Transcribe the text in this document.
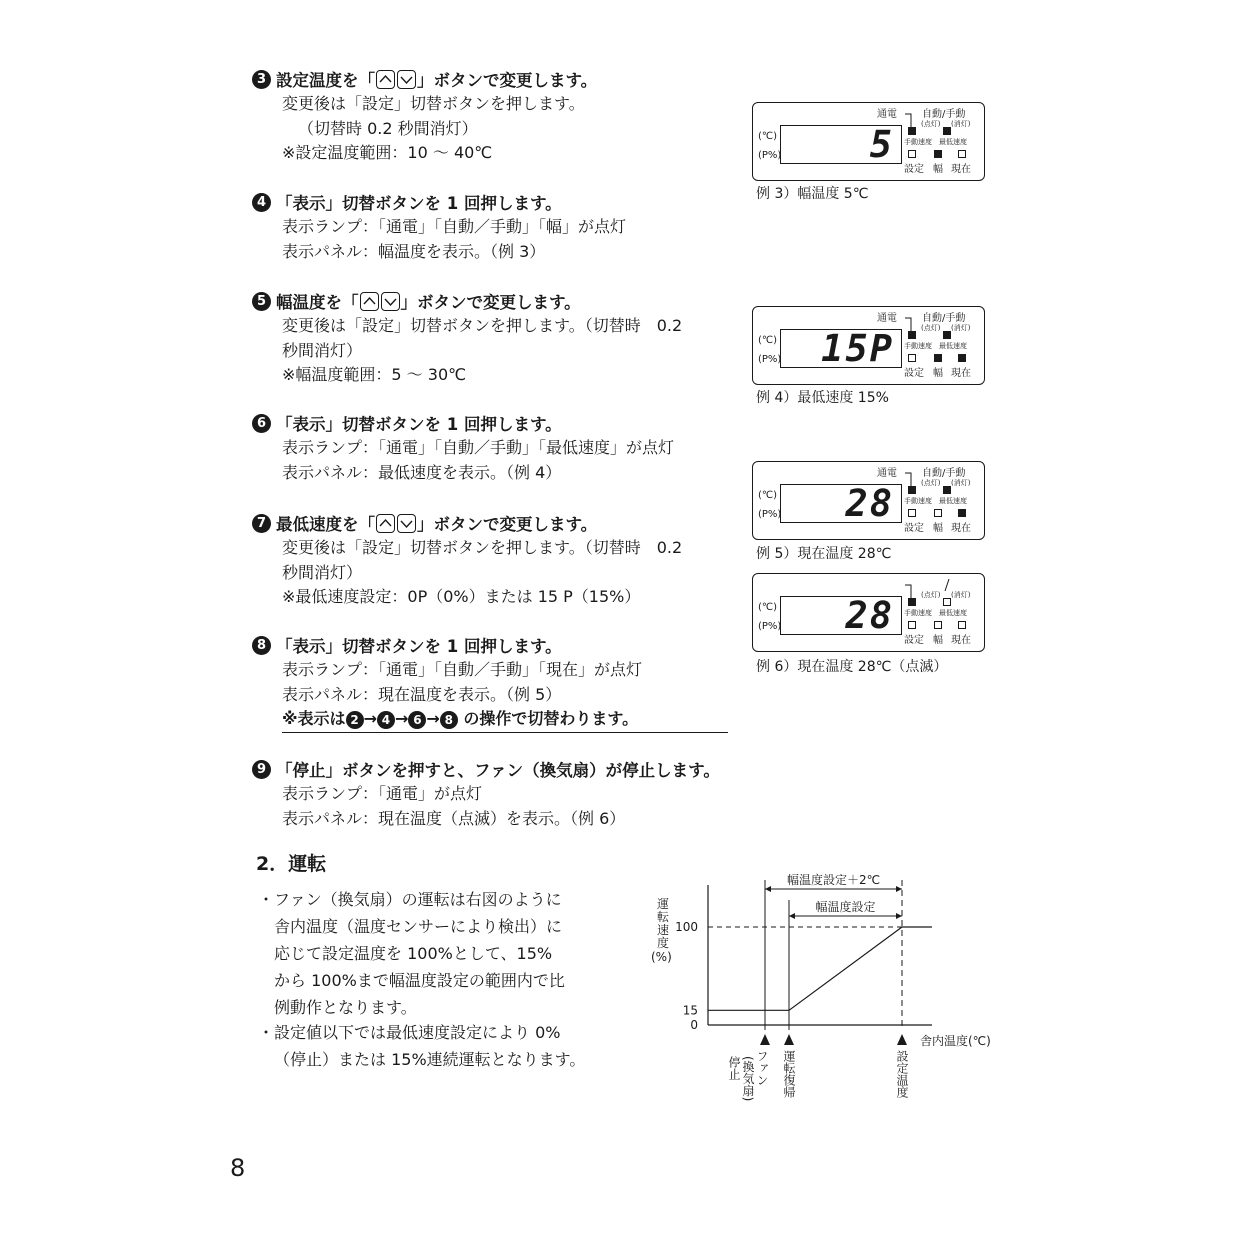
3 設定温度を「	」ボタンで変更します。
変更後は「設定」切替ボタンを押します。
（切替時 0.2 秒間消灯）
※設定温度範囲：10 ～ 40℃
4 「表示」切替ボタンを 1 回押します。
表示ランプ：「通電」「自動／手動」「幅」が点灯
表示パネル：幅温度を表示。（例 3）
5 幅温度を「	」ボタンで変更します。
変更後は「設定」切替ボタンを押します。（切替時　0.2
秒間消灯）
※幅温度範囲：5 ～ 30℃
6 「表示」切替ボタンを 1 回押します。
表示ランプ：「通電」「自動／手動」「最低速度」が点灯
表示パネル：最低速度を表示。（例 4）
7 最低速度を「	」ボタンで変更します。
変更後は「設定」切替ボタンを押します。（切替時　0.2
秒間消灯）
※最低速度設定：0P（0%）または 15 P（15%）
8 「表示」切替ボタンを 1 回押します。
表示ランプ：「通電」「自動／手動」「現在」が点灯
表示パネル：現在温度を表示。（例 5）
※表示は 2 → 4 → 6 → 8 の操作で切替わります。
9 「停止」ボタンを押すと、ファン（換気扇）が停止します。
表示ランプ：「通電」が点灯
表示パネル：現在温度（点滅）を表示。（例 6）
(℃)
(P%) 5
通電	自動/手動
(点灯) (消灯)
手動速度 最低速度
設定 幅 現在
例 3）幅温度 5℃
(℃)
(P%) 15P
通電	自動/手動
(点灯) (消灯)
手動速度 最低速度
設定 幅 現在
例 4）最低速度 15%
(℃)
(P%) 28
通電	自動/手動
(点灯) (消灯)
手動速度 最低速度
設定 幅 現在
例 5）現在温度 28℃
(℃)
(P%) 28	(点灯) (消灯)
手動速度 最低速度
設定 幅 現在
例 6）現在温度 28℃（点滅）
2．運転
・ファン（換気扇）の運転は右図のように
舎内温度（温度センサーにより検出）に
応じて設定温度を 100%として、15%
から 100%まで幅温度設定の範囲内で比
例動作となります。
・設定値以下では最低速度設定により 0%
（停止）または 15%連続運転となります。
運
転
速
度
(%)
100
15
0
幅温度設定＋2℃
幅温度設定
舎内温度(℃)
ファン
(換気扇)
停止	運転復帰	設定温度
8
